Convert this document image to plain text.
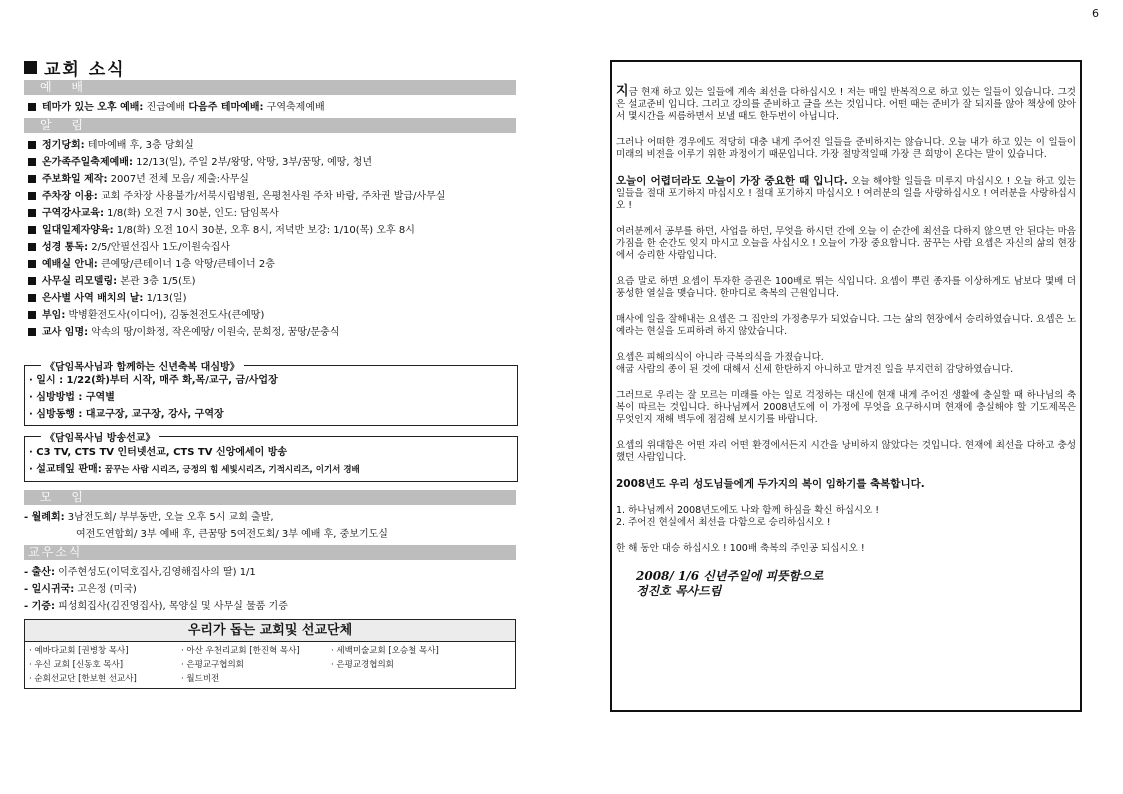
6
교회 소식
예 배
테마가 있는 오후 예배: 진급예배 다음주 테마예배: 구역축제예배
알 림
정기당회: 테마예배 후, 3층 당회실
온가족주일축제예배: 12/13(일), 주일 2부/왕땅, 악땅, 3부/꿈땅, 예땅, 청년
주보화일 제작: 2007년 전체 모음/ 제출:사무실
주차장 이용: 교회 주차장 사용불가/서북시립병원, 은평천사원 주차 바람, 주차권 발급/사무실
구역강사교육: 1/8(화) 오전 7시 30분, 인도: 담임목사
일대일제자양육: 1/8(화) 오전 10시 30분, 오후 8시, 저녁반 보강: 1/10(목) 오후 8시
성경 통독: 2/5/안필선집사 1도/이원숙집사
예배실 안내: 큰예땅/큰테이너 1층 악땅/큰테이너 2층
사무실 리모델링: 본관 3층 1/5(토)
은사별 사역 배치의 날: 1/13(일)
부임: 박병환전도사(이디어), 김동천전도사(큰예땅)
교사 임명: 악속의 땅/이화정, 작은예땅/ 이원숙, 문희정, 꿈땅/문충식
《담임목사님과 함께하는 신년축복 대심방》
· 일시 : 1/22(화)부터 시작, 매주 화,목/교구, 금/사업장
· 심방방법 : 구역별
· 심방동행 : 대교구장, 교구장, 강사, 구역장
《담임목사님 방송선교》
· C3 TV, CTS TV 인터넷선교, CTS TV 신앙에세이 방송
· 설교테잎 판매: 꿈꾸는 사람 시리즈, 긍정의 힘 세빛시리즈, 기적시리즈, 이기서 경배
모 임
- 월례회: 3남전도회/ 부부동반, 오늘 오후 5시 교회 출발,
여전도연합회/ 3부 예배 후, 큰꿈땅 5여전도회/ 3부 예배 후, 중보기도실
교우소식
- 출산: 이주현성도(이덕호집사,김영해집사의 딸) 1/1
- 일시귀국: 고은정 (미국)
- 기증: 피성희집사(김진영집사), 목양실 및 사무실 물품 기증
우리가 돕는 교회및 선교단체
· 예바다교회 [권병창 목사]	· 아산 우천리교회 [한진혁 목사]	· 세백미술교회 [오승철 목사]
· 우신 교회 [신동호 목사]	· 은평교구협의회	· 은평교경협의회
· 순회선교단 [한보현 선교사]	· 월드비전
지금 현재 하고 있는 일들에 계속 최선을 다하십시오 ! 저는 매일 반복적으로 하고 있는 일들이 있습니다. 그것은 설교준비 입니다. 그리고 강의를 준비하고 글을 쓰는 것입니다. 어떤 때는 준비가 잘 되지를 않아 책상에 앉아서 몇시간을 씨름하면서 보낼 때도 한두번이 아닙니다.
그러나 어떠한 경우에도 적당히 대충 내게 주어진 일들을 준비하지는 않습니다. 오늘 내가 하고 있는 이 일들이 미래의 비전을 이루기 위한 과정이기 때문입니다. 가장 절망적일때 가장 큰 희망이 온다는 말이 있습니다.
오늘이 어렵더라도 오늘이 가장 중요한 때 입니다. 오늘 해야할 일들을 미루지 마십시오 ! 오늘 하고 있는 일들을 절대 포기하지 마십시오 ! 절대 포기하지 마십시오 ! 여러분의 일을 사랑하십시오 ! 여러분을 사랑하십시오 !
여러분께서 공부를 하던, 사업을 하던, 무엇을 하시던 간에 오늘 이 순간에 최선을 다하지 않으면 안 된다는 마음가짐을 한 순간도 잊지 마시고 오늘을 사십시오 ! 오늘이 가장 중요합니다. 꿈꾸는 사람 요셉은 자신의 삶의 현장에서 승리한 사람입니다.
요즘 말로 하면 요셉이 투자한 증권은 100배로 뛰는 식입니다. 요셉이 뿌린 종자를 이상하게도 남보다 몇배 더 풍성한 열실을 맺습니다. 한마디로 축복의 근원입니다.
매사에 일을 잘해내는 요셉은 그 집안의 가정총무가 되었습니다. 그는 삶의 현장에서 승리하였습니다. 요셉은 노예라는 현실을 도피하려 하지 않았습니다.
요셉은 피해의식이 아니라 극복의식을 가졌습니다.
애굽 사람의 종이 된 것에 대해서 신세 한탄하지 아니하고 맡겨진 일을 부지런히 감당하였습니다.
그러므로 우리는 잘 모르는 미래를 아는 일로 걱정하는 대신에 현재 내게 주어진 생활에 충실할 때 하나님의 축복이 따르는 것입니다. 하나님께서 2008년도에 이 가정에 무엇을 요구하시며 현재에 충실해야 할 기도제목은 무엇인지 재해 벽두에 점검해 보시기를 바랍니다.
요셉의 위대함은 어떤 자리 어떤 환경에서든지 시간을 낭비하지 않았다는 것입니다. 현재에 최선을 다하고 충성했던 사람입니다.
2008년도 우리 성도님들에게 두가지의 복이 임하기를 축복합니다.
1. 하나님께서 2008년도에도 나와 함께 하심을 확신 하십시오 !
2. 주어진 현실에서 최선을 다함으로 승리하십시오 !
한 해 동안 대승 하십시오 ! 100배 축복의 주인공 되십시오 !
2008/ 1/6 신년주일에 피뜻함으로
정진호 목사드림
